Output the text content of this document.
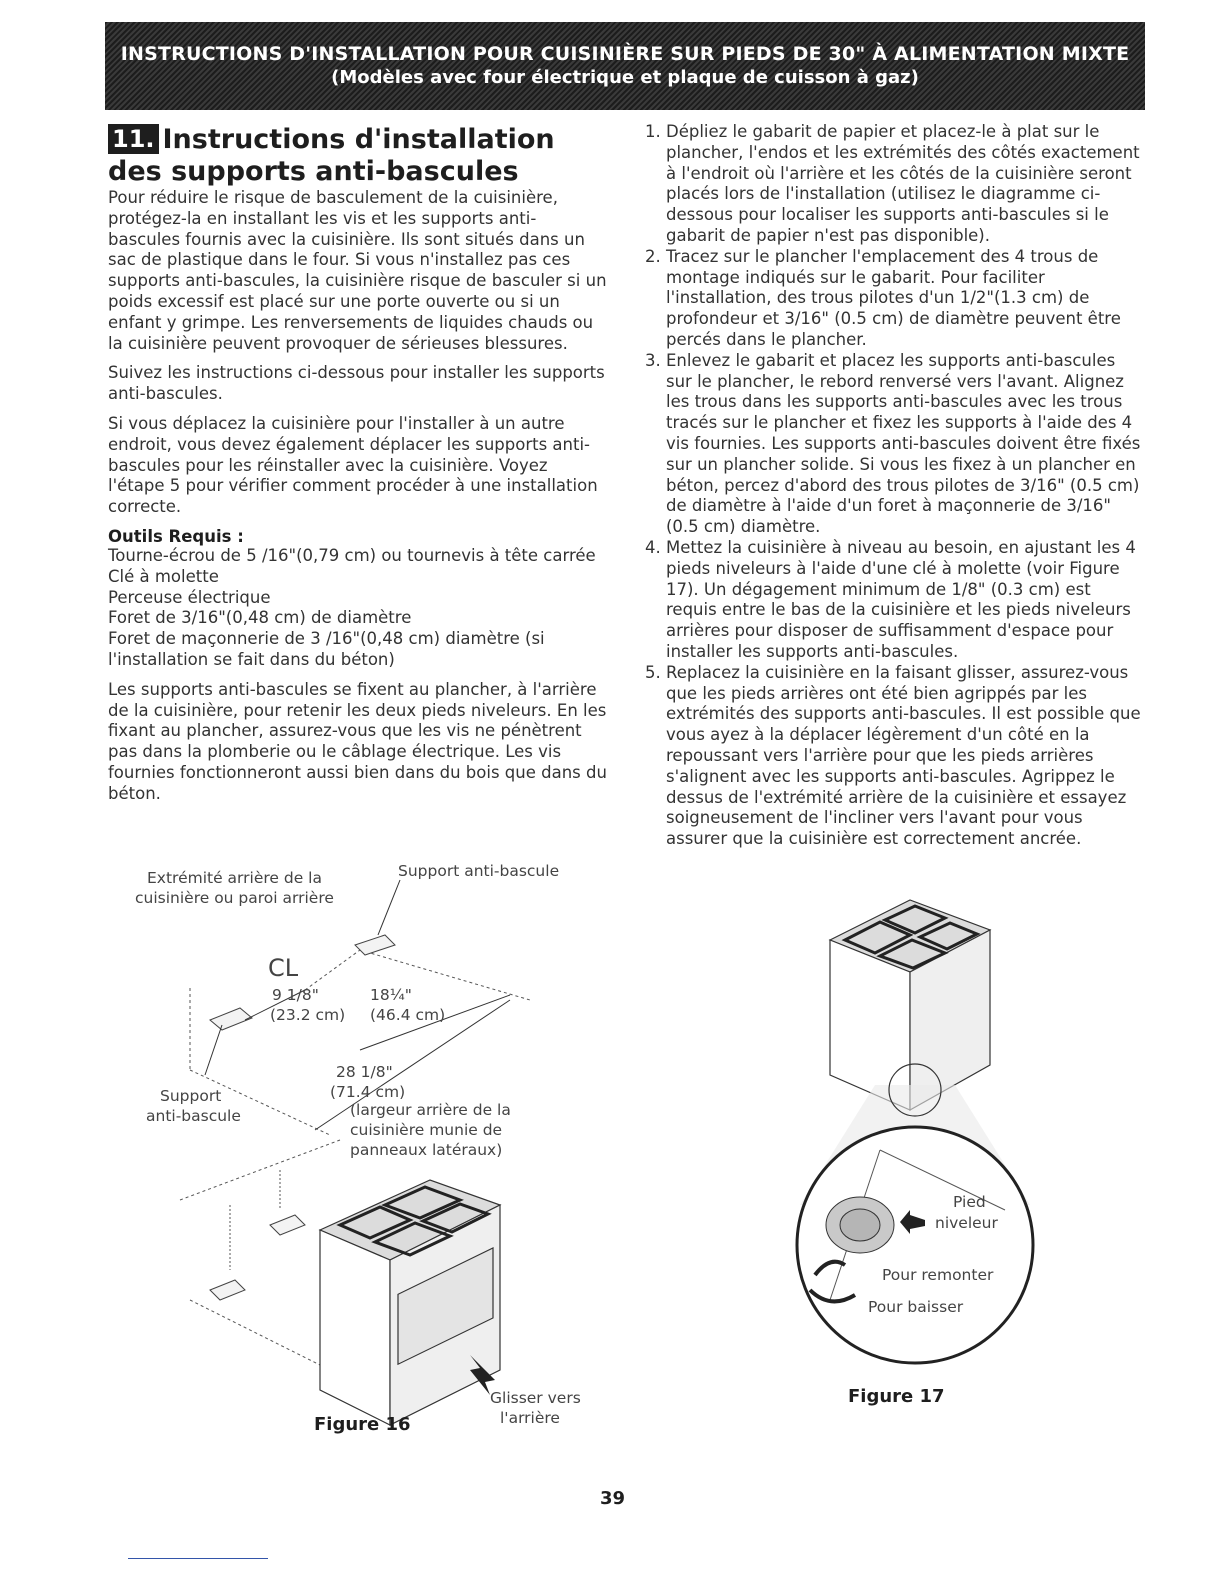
INSTRUCTIONS D'INSTALLATION POUR CUISINIÈRE SUR PIEDS DE 30" À ALIMENTATION MIXTE
(Modèles avec four électrique et plaque de cuisson à gaz)
11. Instructions d'installation des supports anti-bascules

Pour réduire le risque de basculement de la cuisinière, protégez-la en installant les vis et les supports anti-bascules fournis avec la cuisinière. Ils sont situés dans un sac de plastique dans le four. Si vous n'installez pas ces supports anti-bascules, la cuisinière risque de basculer si un poids excessif est placé sur une porte ouverte ou si un enfant y grimpe. Les renversements de liquides chauds ou la cuisinière peuvent provoquer de sérieuses blessures.

Suivez les instructions ci-dessous pour installer les supports anti-bascules.

Si vous déplacez la cuisinière pour l'installer à un autre endroit, vous devez également déplacer les supports anti-bascules pour les réinstaller avec la cuisinière. Voyez l'étape 5 pour vérifier comment procéder à une installation correcte.

Outils Requis :
Tourne-écrou de 5 /16"(0,79 cm) ou tournevis à tête carrée
Clé à molette
Perceuse électrique
Foret de 3/16"(0,48 cm) de diamètre
Foret de maçonnerie de 3 /16"(0,48 cm) diamètre (si l'installation se fait dans du béton)

Les supports anti-bascules se fixent au plancher, à l'arrière de la cuisinière, pour retenir les deux pieds niveleurs. En les fixant au plancher, assurez-vous que les vis ne pénètrent pas dans la plomberie ou le câblage électrique. Les vis fournies fonctionneront aussi bien dans du bois que dans du béton.

1. Dépliez le gabarit de papier et placez-le à plat sur le plancher, l'endos et les extrémités des côtés exactement à l'endroit où l'arrière et les côtés de la cuisinière seront placés lors de l'installation (utilisez le diagramme ci-dessous pour localiser les supports anti-bascules si le gabarit de papier n'est pas disponible).
2. Tracez sur le plancher l'emplacement des 4 trous de montage indiqués sur le gabarit. Pour faciliter l'installation, des trous pilotes d'un 1/2"(1.3 cm) de profondeur et 3/16" (0.5 cm) de diamètre peuvent être percés dans le plancher.
3. Enlevez le gabarit et placez les supports anti-bascules sur le plancher, le rebord renversé vers l'avant. Alignez les trous dans les supports anti-bascules avec les trous tracés sur le plancher et fixez les supports à l'aide des 4 vis fournies. Les supports anti-bascules doivent être fixés sur un plancher solide. Si vous les fixez à un plancher en béton, percez d'abord des trous pilotes de 3/16" (0.5 cm) de diamètre à l'aide d'un foret à maçonnerie de 3/16" (0.5 cm) diamètre.
4. Mettez la cuisinière à niveau au besoin, en ajustant les 4 pieds niveleurs à l'aide d'une clé à molette (voir Figure 17). Un dégagement minimum de 1/8" (0.3 cm) est requis entre le bas de la cuisinière et les pieds niveleurs arrières pour disposer de suffisamment d'espace pour installer les supports anti-bascules.
5. Replacez la cuisinière en la faisant glisser, assurez-vous que les pieds arrières ont été bien agrippés par les extrémités des supports anti-bascules. Il est possible que vous ayez à la déplacer légèrement d'un côté en la repoussant vers l'arrière pour que les pieds arrières s'alignent avec les supports anti-bascules. Agrippez le dessus de l'extrémité arrière de la cuisinière et essayez soigneusement de l'incliner vers l'avant pour vous assurer que la cuisinière est correctement ancrée.
Extrémité arrière de la
cuisinière ou paroi arrière
Support anti-bascule
CL
9 1/8"
(23.2 cm)
18¼"
(46.4 cm)
28 1/8"
(71.4 cm)
(largeur arrière de la
cuisinière munie de
panneaux latéraux)
Support
anti-bascule
Glisser vers
l'arrière
Figure 16
Pied
niveleur
Pour remonter
Pour baisser
Figure 17
39
